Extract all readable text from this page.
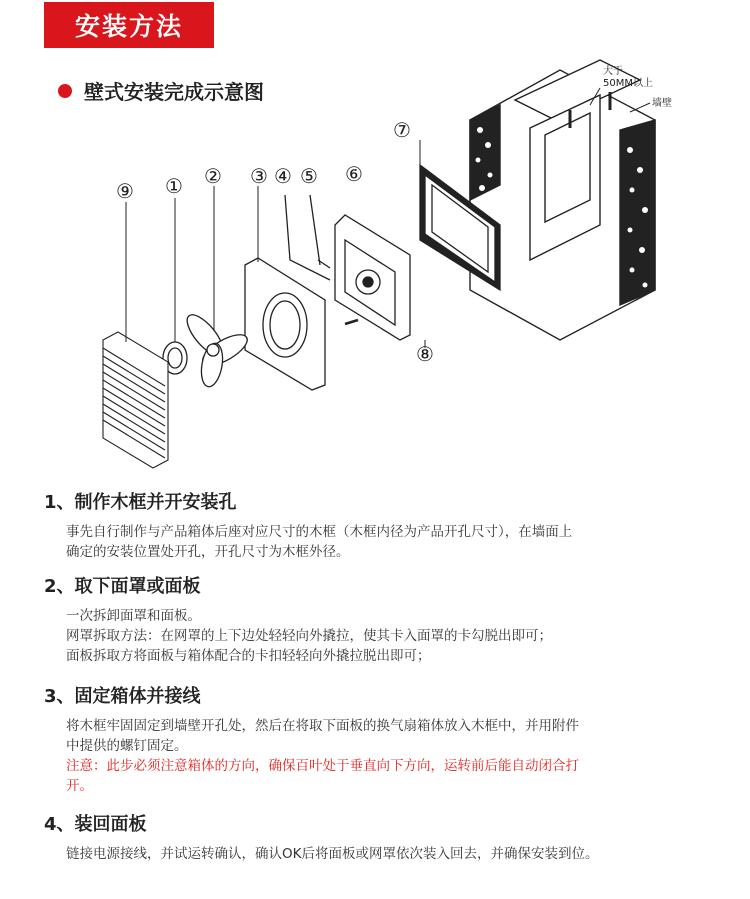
安装方法
壁式安装完成示意图
大于
50MM以上
墙壁
⑨ ① ② ③ ④ ⑤ ⑥
⑦
⑧
1、制作木框并开安装孔

事先自行制作与产品箱体后座对应尺寸的木框（木框内径为产品开孔尺寸），在墙面上

确定的安装位置处开孔，开孔尺寸为木框外径。

2、取下面罩或面板

一次拆卸面罩和面板。

网罩拆取方法：在网罩的上下边处轻轻向外撬拉，使其卡入面罩的卡勾脱出即可；

面板拆取方将面板与箱体配合的卡扣轻轻向外撬拉脱出即可；

3、固定箱体并接线

将木框牢固固定到墙壁开孔处，然后在将取下面板的换气扇箱体放入木框中，并用附件

中提供的螺钉固定。

注意：此步必须注意箱体的方向，确保百叶处于垂直向下方向，运转前后能自动闭合打

开。

4、装回面板

链接电源接线，并试运转确认，确认OK后将面板或网罩依次装入回去，并确保安装到位。
